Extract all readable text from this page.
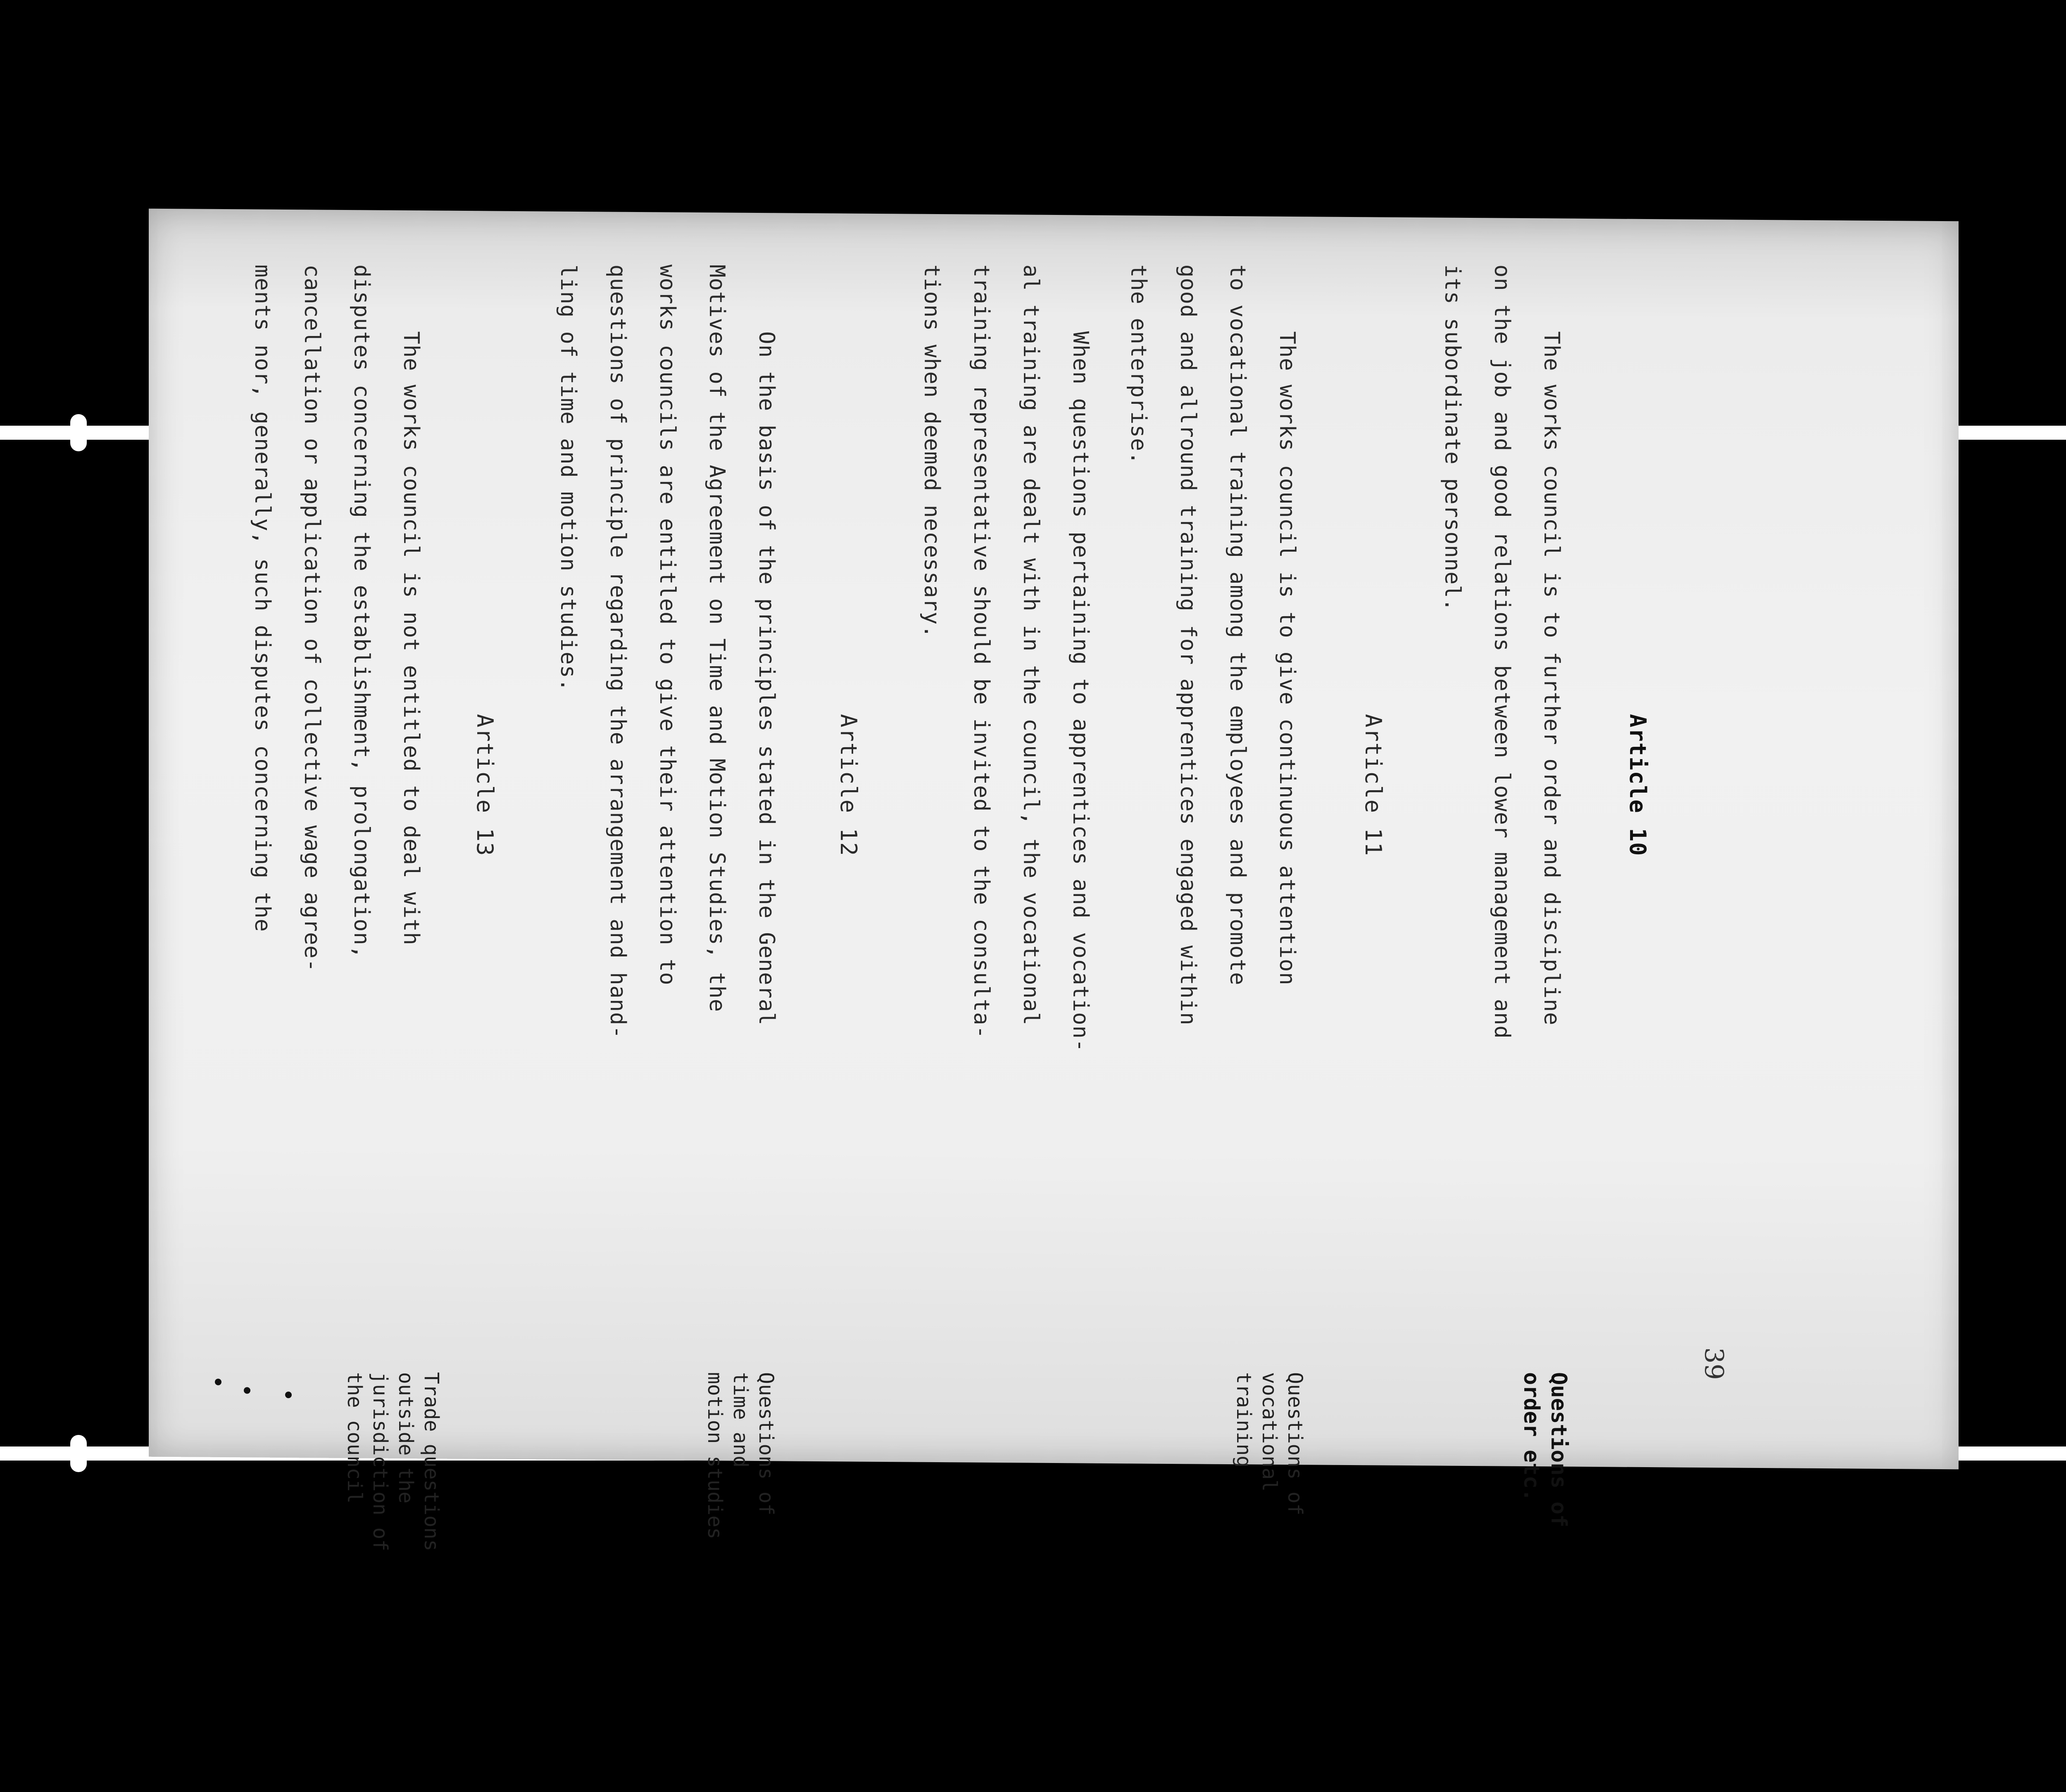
39
Article 10
The works council is to further order and discipline
on the job and good relations between lower management and
its subordinate personnel.
Questions of
order etc.
Article 11
The works council is to give continuous attention
to vocational training among the employees and promote
good and allround training for apprentices engaged within
the enterprise.
When questions pertaining to apprentices and vocation-
al training are dealt with in the council, the vocational
training representative should be invited to the consulta-
tions when deemed necessary.
Questions of
vocational
training
Article 12
On the basis of the principles stated in the General
Motives of the Agreement on Time and Motion Studies, the
works councils are entitled to give their attention to
questions of principle regarding the arrangement and hand-
ling of time and motion studies.
Questions of
time and
motion studies
Article 13
The works council is not entitled to deal with
disputes concerning the establishment, prolongation,
cancellation or application of collective wage agree-
ments nor, generally, such disputes concerning the
Trade questions
outside the
jurisdiction of
the council
